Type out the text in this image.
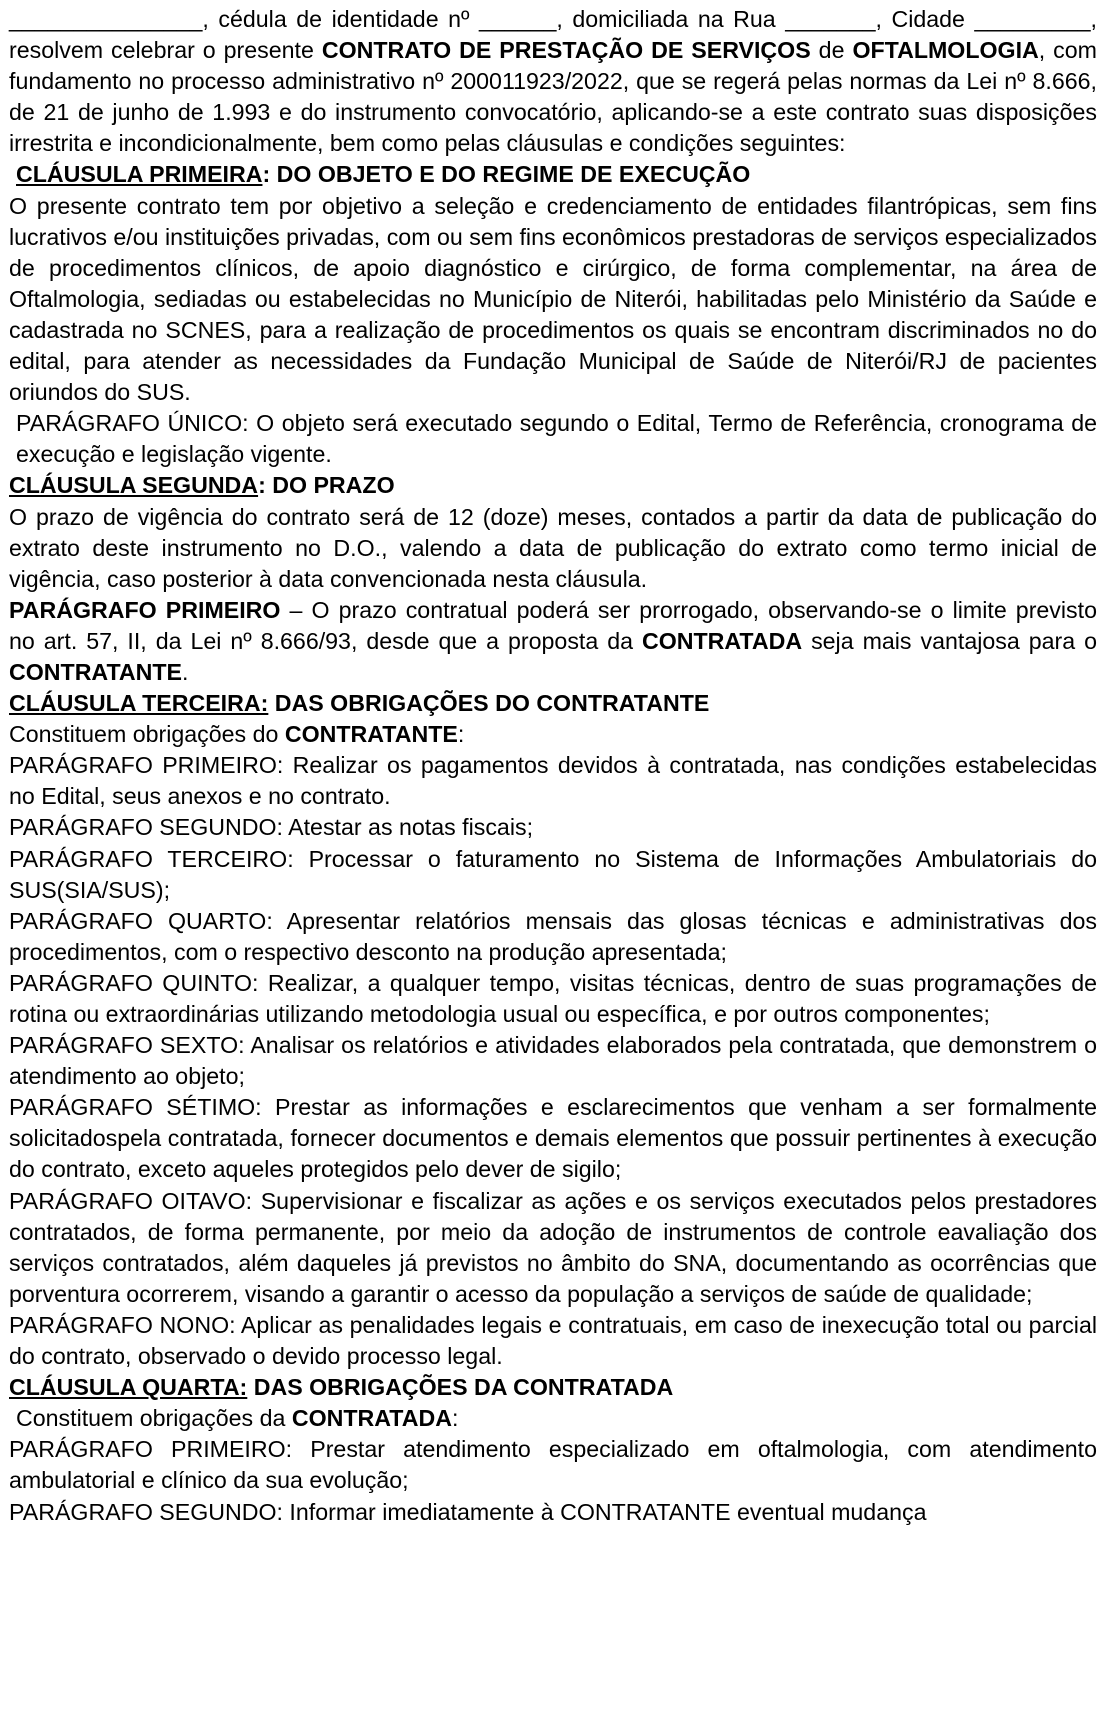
_______________, cédula de identidade nº ______, domiciliada na Rua _______, Cidade _________, resolvem celebrar o presente CONTRATO DE PRESTAÇÃO DE SERVIÇOS de OFTALMOLOGIA, com fundamento no processo administrativo nº 200011923/2022, que se regerá pelas normas da Lei nº 8.666, de 21 de junho de 1.993 e do instrumento convocatório, aplicando-se a este contrato suas disposições irrestrita e incondicionalmente, bem como pelas cláusulas e condições seguintes:

CLÁUSULA PRIMEIRA: DO OBJETO E DO REGIME DE EXECUÇÃO

O presente contrato tem por objetivo a seleção e credenciamento de entidades filantrópicas, sem fins lucrativos e/ou instituições privadas, com ou sem fins econômicos prestadoras de serviços especializados de procedimentos clínicos, de apoio diagnóstico e cirúrgico, de forma complementar, na área de Oftalmologia, sediadas ou estabelecidas no Município de Niterói, habilitadas pelo Ministério da Saúde e cadastrada no SCNES, para a realização de procedimentos os quais se encontram discriminados no do edital, para atender as necessidades da Fundação Municipal de Saúde de Niterói/RJ de pacientes oriundos do SUS.

PARÁGRAFO ÚNICO: O objeto será executado segundo o Edital, Termo de Referência, cronograma de execução e legislação vigente.

CLÁUSULA SEGUNDA: DO PRAZO

O prazo de vigência do contrato será de 12 (doze) meses, contados a partir da data de publicação do extrato deste instrumento no D.O., valendo a data de publicação do extrato como termo inicial de vigência, caso posterior à data convencionada nesta cláusula.

PARÁGRAFO PRIMEIRO – O prazo contratual poderá ser prorrogado, observando-se o limite previsto no art. 57, II, da Lei nº 8.666/93, desde que a proposta da CONTRATADA seja mais vantajosa para o CONTRATANTE.

CLÁUSULA TERCEIRA: DAS OBRIGAÇÕES DO CONTRATANTE

Constituem obrigações do CONTRATANTE:

PARÁGRAFO PRIMEIRO: Realizar os pagamentos devidos à contratada, nas condições estabelecidas no Edital, seus anexos e no contrato.

PARÁGRAFO SEGUNDO: Atestar as notas fiscais;

PARÁGRAFO TERCEIRO: Processar o faturamento no Sistema de Informações Ambulatoriais do SUS(SIA/SUS);

PARÁGRAFO QUARTO: Apresentar relatórios mensais das glosas técnicas e administrativas dos procedimentos, com o respectivo desconto na produção apresentada;

PARÁGRAFO QUINTO: Realizar, a qualquer tempo, visitas técnicas, dentro de suas programações de rotina ou extraordinárias utilizando metodologia usual ou específica, e por outros componentes;

PARÁGRAFO SEXTO: Analisar os relatórios e atividades elaborados pela contratada, que demonstrem o atendimento ao objeto;

PARÁGRAFO SÉTIMO: Prestar as informações e esclarecimentos que venham a ser formalmente solicitadospela contratada, fornecer documentos e demais elementos que possuir pertinentes à execução do contrato, exceto aqueles protegidos pelo dever de sigilo;

PARÁGRAFO OITAVO: Supervisionar e fiscalizar as ações e os serviços executados pelos prestadores contratados, de forma permanente, por meio da adoção de instrumentos de controle eavaliação dos serviços contratados, além daqueles já previstos no âmbito do SNA, documentando as ocorrências que porventura ocorrerem, visando a garantir o acesso da população a serviços de saúde de qualidade;

PARÁGRAFO NONO: Aplicar as penalidades legais e contratuais, em caso de inexecução total ou parcial do contrato, observado o devido processo legal.

CLÁUSULA QUARTA: DAS OBRIGAÇÕES DA CONTRATADA

Constituem obrigações da CONTRATADA:

PARÁGRAFO PRIMEIRO: Prestar atendimento especializado em oftalmologia, com atendimento ambulatorial e clínico da sua evolução;

PARÁGRAFO SEGUNDO: Informar imediatamente à CONTRATANTE eventual mudança
